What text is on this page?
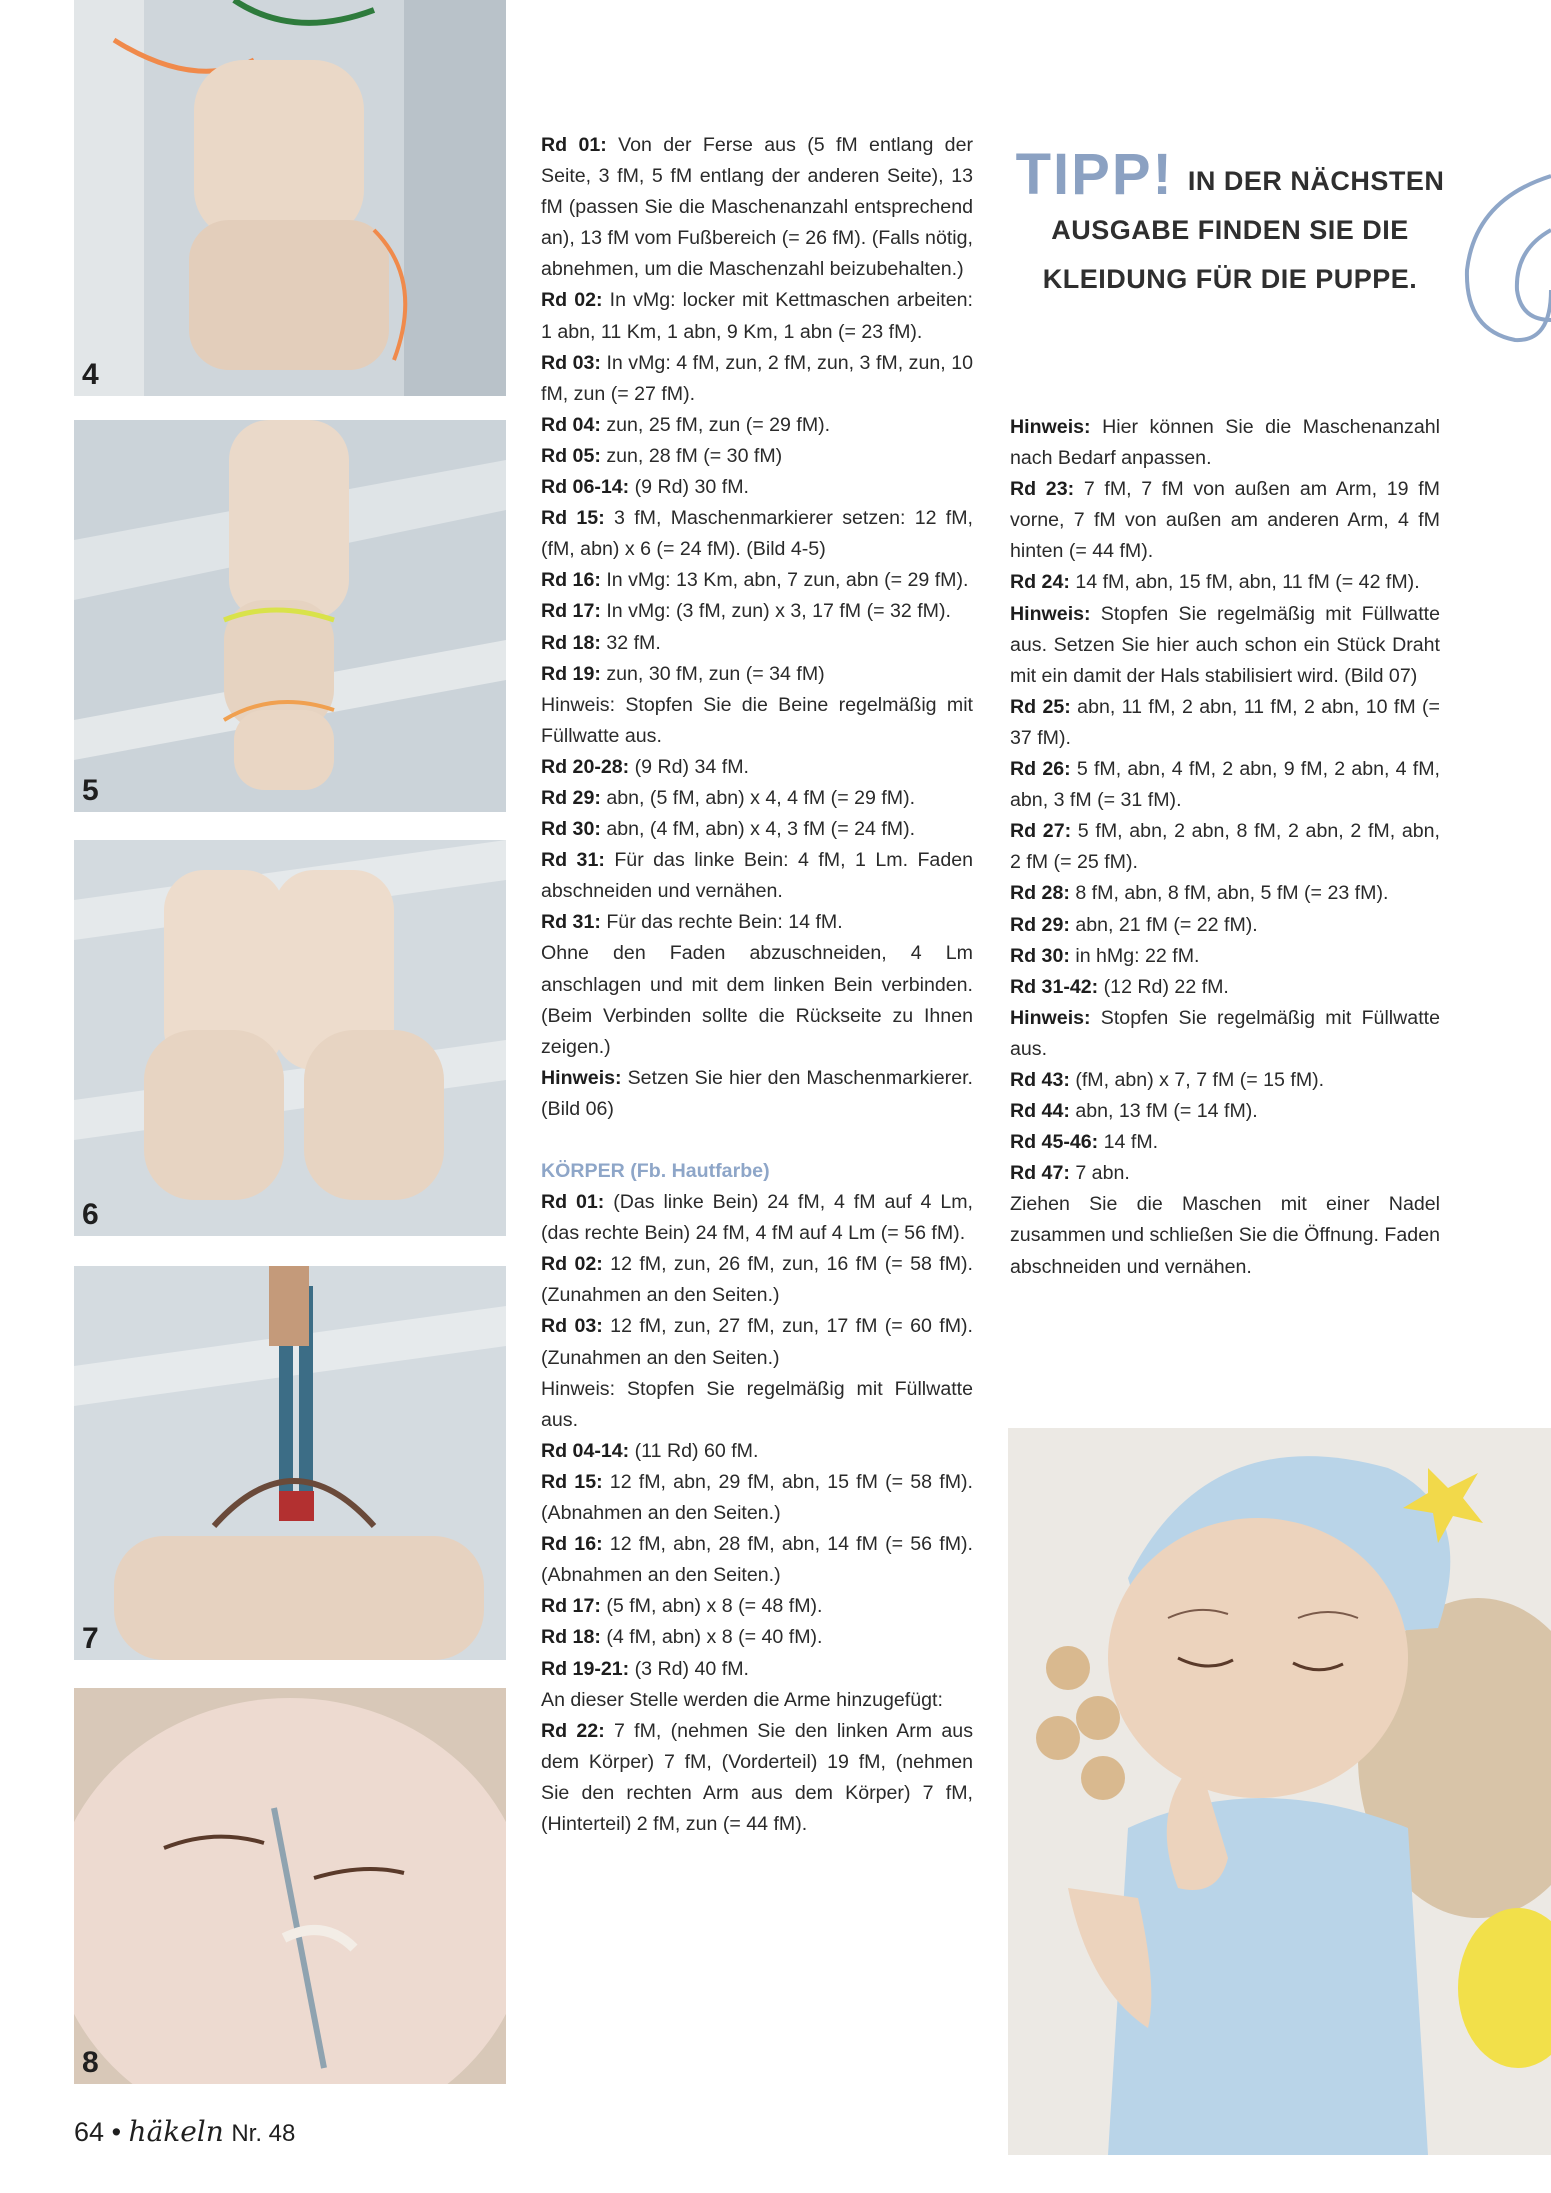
4
5
6
7
8

Rd 01: Von der Ferse aus (5 fM entlang der Seite, 3 fM, 5 fM entlang der anderen Seite), 13 fM (passen Sie die Maschenanzahl entsprechend an), 13 fM vom Fußbereich (= 26 fM). (Falls nötig, abnehmen, um die Maschenzahl beizubehalten.)

Rd 02: In vMg: locker mit Kettmaschen arbeiten: 1 abn, 11 Km, 1 abn, 9 Km, 1 abn (= 23 fM).

Rd 03: In vMg: 4 fM, zun, 2 fM, zun, 3 fM, zun, 10 fM, zun (= 27 fM).

Rd 04: zun, 25 fM, zun (= 29 fM).

Rd 05: zun, 28 fM (= 30 fM)

Rd 06-14: (9 Rd) 30 fM.

Rd 15: 3 fM, Maschenmarkierer setzen: 12 fM, (fM, abn) x 6 (= 24 fM). (Bild 4-5)

Rd 16: In vMg: 13 Km, abn, 7 zun, abn (= 29 fM).

Rd 17: In vMg: (3 fM, zun) x 3, 17 fM (= 32 fM).

Rd 18: 32 fM.

Rd 19: zun, 30 fM, zun (= 34 fM)

Hinweis: Stopfen Sie die Beine regelmäßig mit Füllwatte aus.

Rd 20-28: (9 Rd) 34 fM.

Rd 29: abn, (5 fM, abn) x 4, 4 fM (= 29 fM).

Rd 30: abn, (4 fM, abn) x 4, 3 fM (= 24 fM).

Rd 31: Für das linke Bein: 4 fM, 1 Lm. Faden abschneiden und vernähen.

Rd 31: Für das rechte Bein: 14 fM.

Ohne den Faden abzuschneiden, 4 Lm anschlagen und mit dem linken Bein verbinden. (Beim Verbinden sollte die Rückseite zu Ihnen zeigen.)

Hinweis: Setzen Sie hier den Maschenmarkierer. (Bild 06)

KÖRPER (Fb. Hautfarbe)

Rd 01: (Das linke Bein) 24 fM, 4 fM auf 4 Lm, (das rechte Bein) 24 fM, 4 fM auf 4 Lm (= 56 fM).

Rd 02: 12 fM, zun, 26 fM, zun, 16 fM (= 58 fM). (Zunahmen an den Seiten.)

Rd 03: 12 fM, zun, 27 fM, zun, 17 fM (= 60 fM). (Zunahmen an den Seiten.)

Hinweis: Stopfen Sie regelmäßig mit Füllwatte aus.

Rd 04-14: (11 Rd) 60 fM.

Rd 15: 12 fM, abn, 29 fM, abn, 15 fM (= 58 fM). (Abnahmen an den Seiten.)

Rd 16: 12 fM, abn, 28 fM, abn, 14 fM (= 56 fM). (Abnahmen an den Seiten.)

Rd 17: (5 fM, abn) x 8 (= 48 fM).

Rd 18: (4 fM, abn) x 8 (= 40 fM).

Rd 19-21: (3 Rd) 40 fM.

An dieser Stelle werden die Arme hinzugefügt:

Rd 22: 7 fM, (nehmen Sie den linken Arm aus dem Körper) 7 fM, (Vorderteil) 19 fM, (nehmen Sie den rechten Arm aus dem Körper) 7 fM, (Hinterteil) 2 fM, zun (= 44 fM).

TIPP! IN DER NÄCHSTEN
AUSGABE FINDEN SIE DIE
KLEIDUNG FÜR DIE PUPPE.

Hinweis: Hier können Sie die Maschenanzahl nach Bedarf anpassen.

Rd 23: 7 fM, 7 fM von außen am Arm, 19 fM vorne, 7 fM von außen am anderen Arm, 4 fM hinten (= 44 fM).

Rd 24: 14 fM, abn, 15 fM, abn, 11 fM (= 42 fM).

Hinweis: Stopfen Sie regelmäßig mit Füllwatte aus. Setzen Sie hier auch schon ein Stück Draht mit ein damit der Hals stabilisiert wird. (Bild 07)

Rd 25: abn, 11 fM, 2 abn, 11 fM, 2 abn, 10 fM (= 37 fM).

Rd 26: 5 fM, abn, 4 fM, 2 abn, 9 fM, 2 abn, 4 fM, abn, 3 fM (= 31 fM).

Rd 27: 5 fM, abn, 2 abn, 8 fM, 2 abn, 2 fM, abn, 2 fM (= 25 fM).

Rd 28: 8 fM, abn, 8 fM, abn, 5 fM (= 23 fM).

Rd 29: abn, 21 fM (= 22 fM).

Rd 30: in hMg: 22 fM.

Rd 31-42: (12 Rd) 22 fM.

Hinweis: Stopfen Sie regelmäßig mit Füllwatte aus.

Rd 43: (fM, abn) x 7, 7 fM (= 15 fM).

Rd 44: abn, 13 fM (= 14 fM).

Rd 45-46: 14 fM.

Rd 47: 7 abn.

Ziehen Sie die Maschen mit einer Nadel zusammen und schließen Sie die Öffnung. Faden abschneiden und vernähen.

64 • häkeln Nr. 48
